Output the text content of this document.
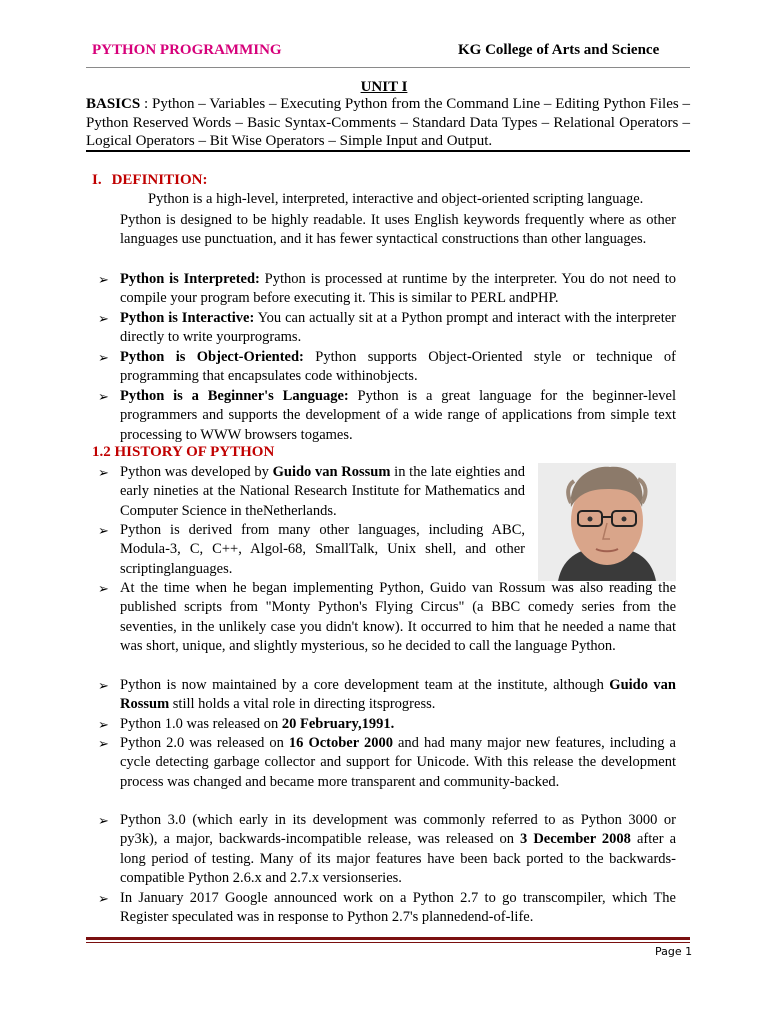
PYTHON PROGRAMMING	KG College of Arts and Science
UNIT I
BASICS : Python – Variables – Executing Python from the Command Line – Editing Python Files – Python Reserved Words – Basic Syntax-Comments – Standard Data Types – Relational Operators – Logical Operators – Bit Wise Operators – Simple Input and Output.
I. DEFINITION:
Python is a high-level, interpreted, interactive and object-oriented scripting language.
Python is designed to be highly readable. It uses English keywords frequently where as other languages use punctuation, and it has fewer syntactical constructions than other languages.
➢ Python is Interpreted: Python is processed at runtime by the interpreter. You do not need to compile your program before executing it. This is similar to PERL andPHP.
➢ Python is Interactive: You can actually sit at a Python prompt and interact with the interpreter directly to write yourprograms.
➢ Python is Object-Oriented: Python supports Object-Oriented style or technique of programming that encapsulates code withinobjects.
➢ Python is a Beginner's Language: Python is a great language for the beginner-level programmers and supports the development of a wide range of applications from simple text processing to WWW browsers togames.
1.2 HISTORY OF PYTHON
➢ Python was developed by Guido van Rossum in the late eighties and early nineties at the National Research Institute for Mathematics and Computer Science in theNetherlands.
➢ Python is derived from many other languages, including ABC, Modula-3, C, C++, Algol-68, SmallTalk, Unix shell, and other scriptinglanguages.
➢ At the time when he began implementing Python, Guido van Rossum was also reading the published scripts from "Monty Python's Flying Circus" (a BBC comedy series from the seventies, in the unlikely case you didn't know). It occurred to him that he needed a name that was short, unique, and slightly mysterious, so he decided to call the language Python.
➢ Python is now maintained by a core development team at the institute, although Guido van Rossum still holds a vital role in directing itsprogress.
➢ Python 1.0 was released on 20 February,1991.
➢ Python 2.0 was released on 16 October 2000 and had many major new features, including a cycle detecting garbage collector and support for Unicode. With this release the development process was changed and became more transparent and community-backed.
➢ Python 3.0 (which early in its development was commonly referred to as Python 3000 or py3k), a major, backwards-incompatible release, was released on 3 December 2008 after a long period of testing. Many of its major features have been back ported to the backwards-compatible Python 2.6.x and 2.7.x versionseries.
➢ In January 2017 Google announced work on a Python 2.7 to go transcompiler, which The Register speculated was in response to Python 2.7's plannedend-of-life.
Page 1
